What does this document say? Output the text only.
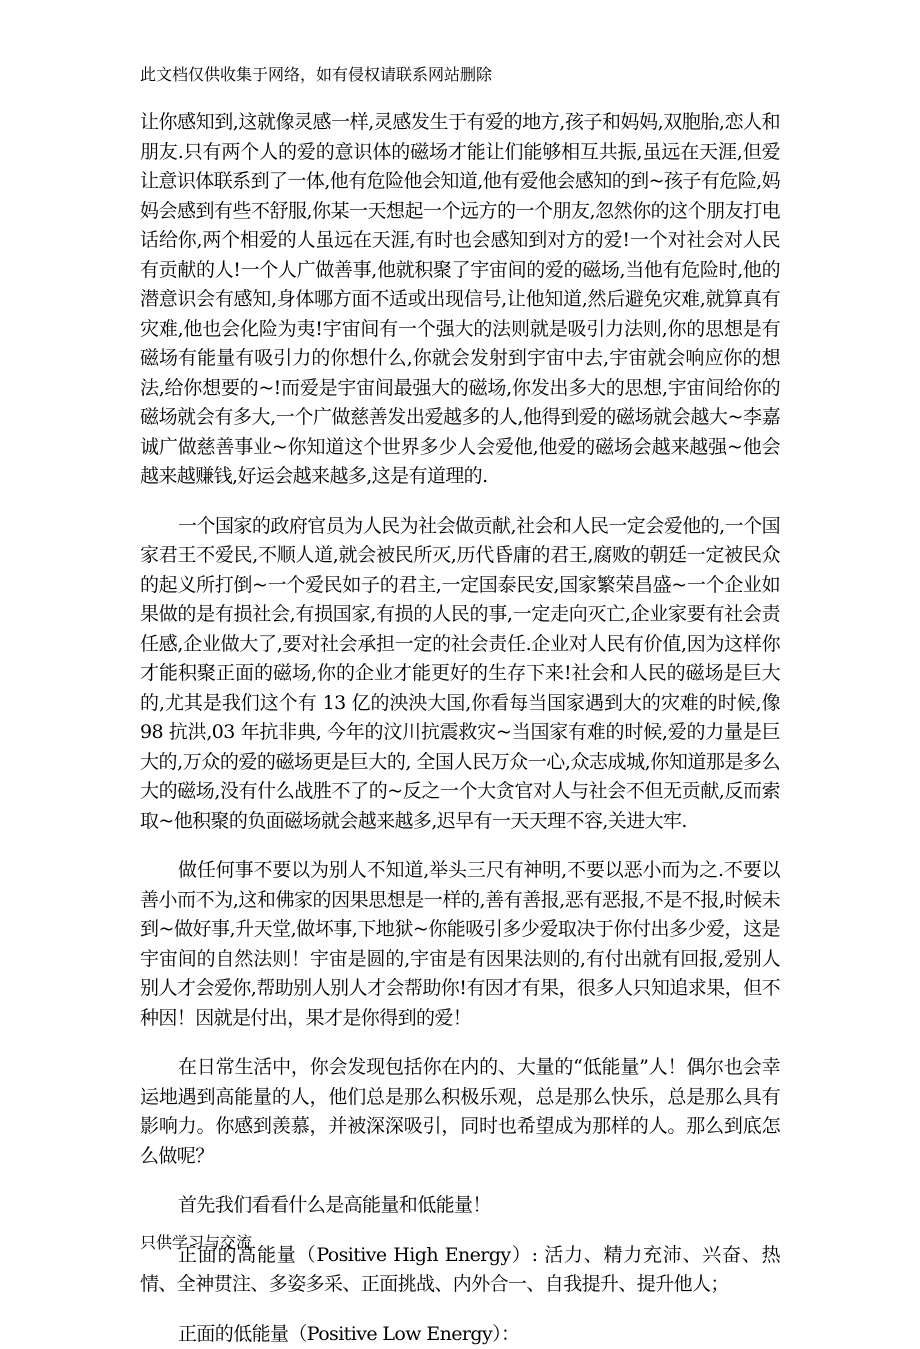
此文档仅供收集于网络，如有侵权请联系网站删除

让你感知到,这就像灵感一样,灵感发生于有爱的地方,孩子和妈妈,双胞胎,恋人和朋友.只有两个人的爱的意识体的磁场才能让们能够相互共振,虽远在天涯,但爱让意识体联系到了一体,他有危险他会知道,他有爱他会感知的到~孩子有危险,妈妈会感到有些不舒服,你某一天想起一个远方的一个朋友,忽然你的这个朋友打电话给你,两个相爱的人虽远在天涯,有时也会感知到对方的爱!一个对社会对人民有贡献的人!一个人广做善事,他就积聚了宇宙间的爱的磁场,当他有危险时,他的潜意识会有感知,身体哪方面不适或出现信号,让他知道,然后避免灾难,就算真有灾难,他也会化险为夷!宇宙间有一个强大的法则就是吸引力法则,你的思想是有磁场有能量有吸引力的你想什么,你就会发射到宇宙中去,宇宙就会响应你的想法,给你想要的~!而爱是宇宙间最强大的磁场,你发出多大的思想,宇宙间给你的磁场就会有多大,一个广做慈善发出爱越多的人,他得到爱的磁场就会越大~李嘉诚广做慈善事业~你知道这个世界多少人会爱他,他爱的磁场会越来越强~他会越来越赚钱,好运会越来越多,这是有道理的.

一个国家的政府官员为人民为社会做贡献,社会和人民一定会爱他的,一个国家君王不爱民,不顺人道,就会被民所灭,历代昏庸的君王,腐败的朝廷一定被民众的起义所打倒~一个爱民如子的君主,一定国泰民安,国家繁荣昌盛~一个企业如果做的是有损社会,有损国家,有损的人民的事,一定走向灭亡,企业家要有社会责任感,企业做大了,要对社会承担一定的社会责任.企业对人民有价值,因为这样你才能积聚正面的磁场,你的企业才能更好的生存下来!社会和人民的磁场是巨大的,尤其是我们这个有 13 亿的泱泱大国,你看每当国家遇到大的灾难的时候,像 98 抗洪,03 年抗非典, 今年的汶川抗震救灾~当国家有难的时候,爱的力量是巨大的,万众的爱的磁场更是巨大的, 全国人民万众一心,众志成城,你知道那是多么大的磁场,没有什么战胜不了的~反之一个大贪官对人与社会不但无贡献,反而索取~他积聚的负面磁场就会越来越多,迟早有一天天理不容,关进大牢.

做任何事不要以为别人不知道,举头三尺有神明,不要以恶小而为之.不要以善小而不为,这和佛家的因果思想是一样的,善有善报,恶有恶报,不是不报,时候未到~做好事,升天堂,做坏事,下地狱~你能吸引多少爱取决于你付出多少爱，这是宇宙间的自然法则！宇宙是圆的,宇宙是有因果法则的,有付出就有回报,爱别人别人才会爱你,帮助别人别人才会帮助你!有因才有果，很多人只知追求果，但不种因！因就是付出，果才是你得到的爱！

在日常生活中，你会发现包括你在内的、大量的“低能量”人！偶尔也会幸运地遇到高能量的人，他们总是那么积极乐观，总是那么快乐，总是那么具有影响力。你感到羡慕，并被深深吸引，同时也希望成为那样的人。那么到底怎么做呢？

首先我们看看什么是高能量和低能量！

正面的高能量（Positive High Energy）: 活力、精力充沛、兴奋、热情、全神贯注、多姿多采、正面挑战、内外合一、自我提升、提升他人；

正面的低能量（Positive Low Energy）：

只供学习与交流
